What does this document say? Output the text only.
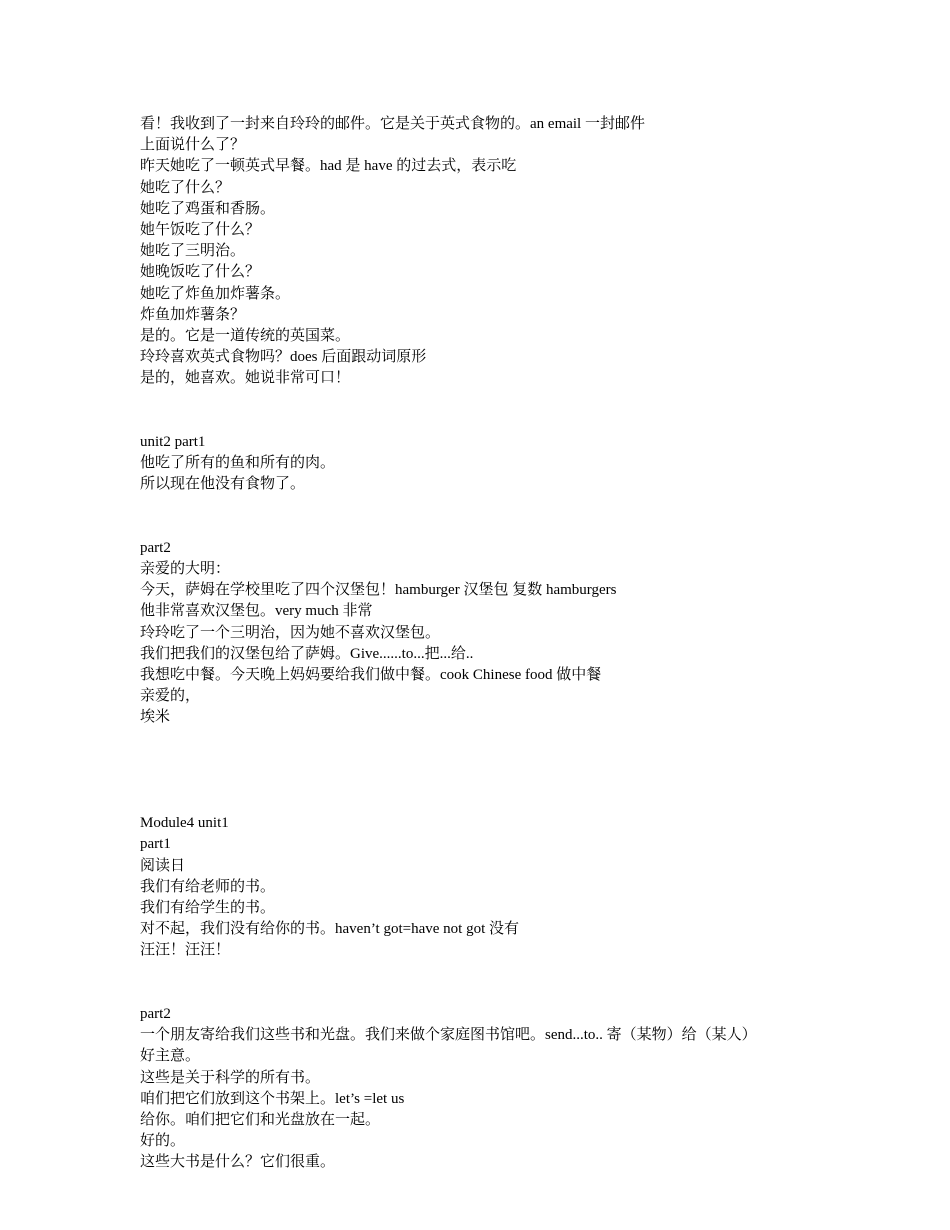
看！我收到了一封来自玲玲的邮件。它是关于英式食物的。an email 一封邮件
上面说什么了？
昨天她吃了一顿英式早餐。had 是 have 的过去式，表示吃
她吃了什么？
她吃了鸡蛋和香肠。
她午饭吃了什么？
她吃了三明治。
她晚饭吃了什么？
她吃了炸鱼加炸薯条。
炸鱼加炸薯条？
是的。它是一道传统的英国菜。
玲玲喜欢英式食物吗？does 后面跟动词原形
是的，她喜欢。她说非常可口！
unit2 part1
他吃了所有的鱼和所有的肉。
所以现在他没有食物了。
part2
亲爱的大明：
今天，萨姆在学校里吃了四个汉堡包！hamburger 汉堡包 复数 hamburgers
他非常喜欢汉堡包。very much 非常
玲玲吃了一个三明治，因为她不喜欢汉堡包。
我们把我们的汉堡包给了萨姆。Give......to...把...给..
我想吃中餐。今天晚上妈妈要给我们做中餐。cook Chinese food 做中餐
亲爱的，
埃米
Module4 unit1
part1
阅读日
我们有给老师的书。
我们有给学生的书。
对不起，我们没有给你的书。haven’t got=have not got 没有
汪汪！汪汪！
part2
一个朋友寄给我们这些书和光盘。我们来做个家庭图书馆吧。send...to.. 寄（某物）给（某人）
好主意。
这些是关于科学的所有书。
咱们把它们放到这个书架上。let’s =let us
给你。咱们把它们和光盘放在一起。
好的。
这些大书是什么？它们很重。
